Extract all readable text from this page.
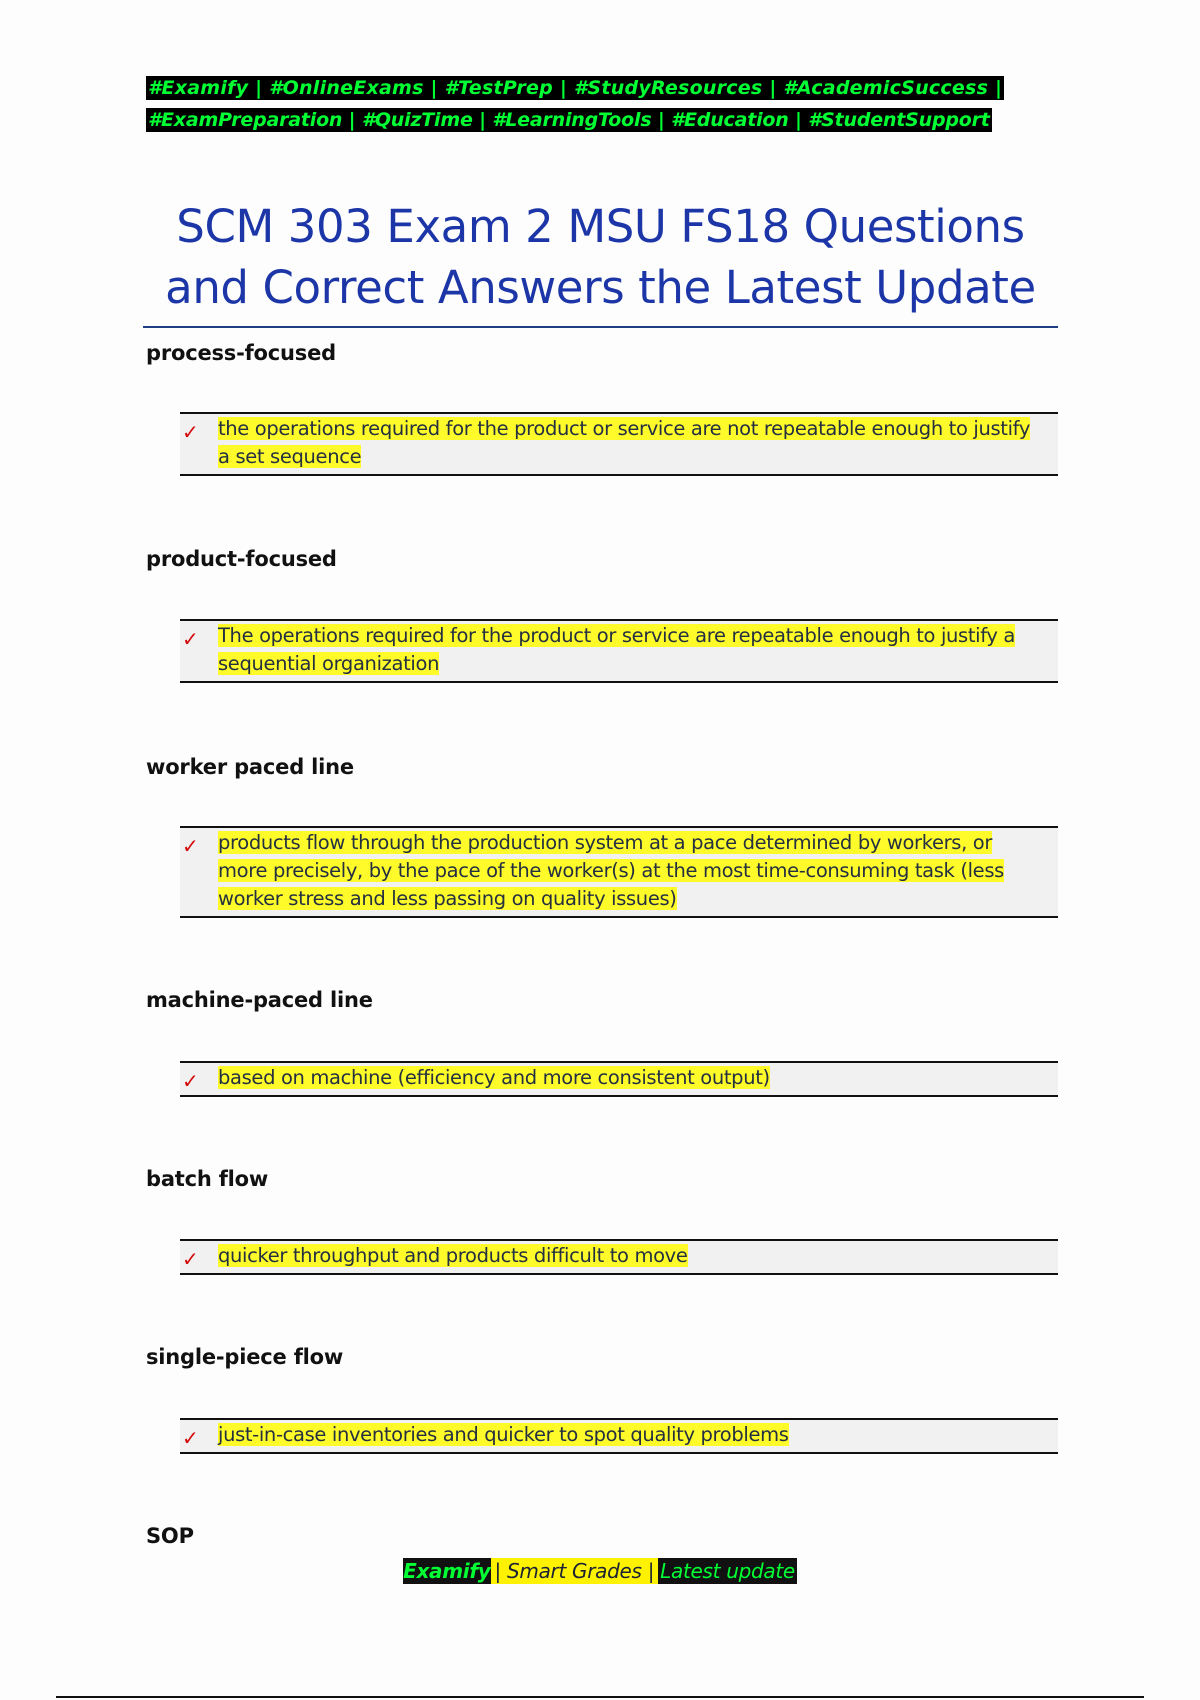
#Examify | #OnlineExams | #TestPrep | #StudyResources | #AcademicSuccess |
#ExamPreparation | #QuizTime | #LearningTools | #Education | #StudentSupport
SCM 303 Exam 2 MSU FS18 Questions
and Correct Answers the Latest Update
process-focused
✓ the operations required for the product or service are not repeatable enough to justify a set sequence

product-focused
✓ The operations required for the product or service are repeatable enough to justify a sequential organization

worker paced line
✓ products flow through the production system at a pace determined by workers, or more precisely, by the pace of the worker(s) at the most time-consuming task (less worker stress and less passing on quality issues)

machine-paced line
✓ based on machine (efficiency and more consistent output)

batch flow
✓ quicker throughput and products difficult to move

single-piece flow
✓ just-in-case inventories and quicker to spot quality problems

SOP
Examify | Smart Grades | Latest update
